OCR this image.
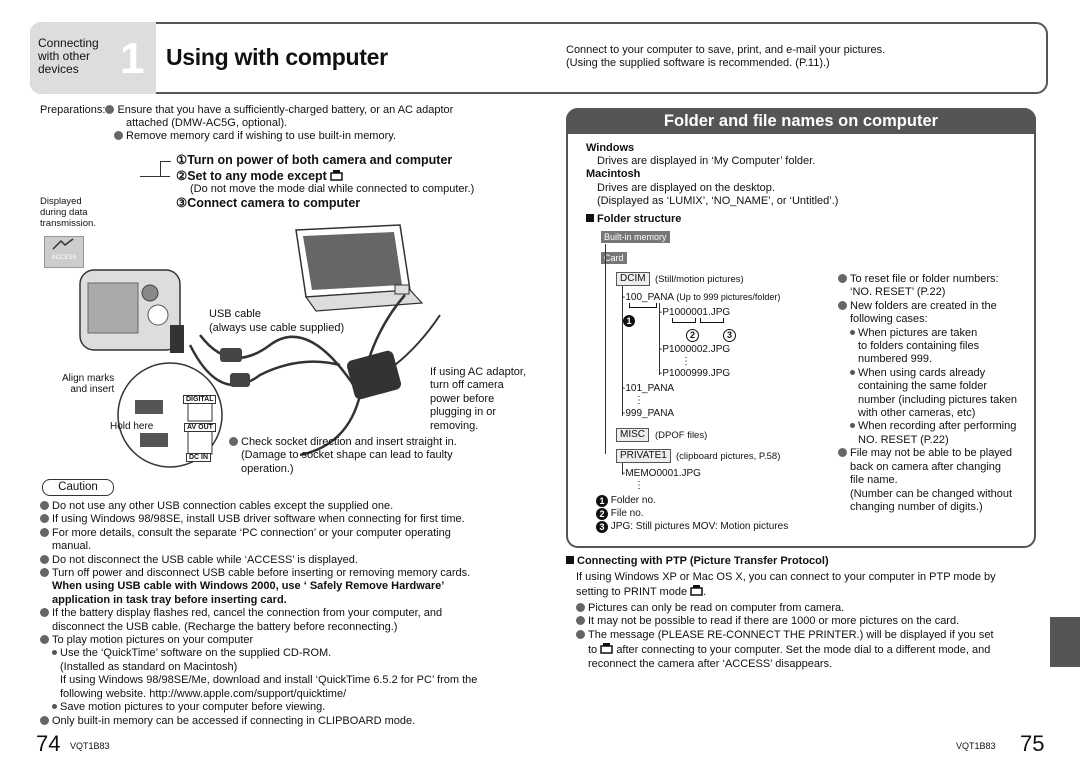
Connecting
with other
devices 1 Using with computer	Connect to your computer to save, print, and e-mail your pictures.
(Using the supplied software is recommended. (P.11).)
Preparations: Ensure that you have a sufficiently-charged battery, or an AC adaptor
attached (DMW-AC5G, optional).
Remove memory card if wishing to use built-in memory.
①Turn on power of both camera and computer
②Set to any mode except
(Do not move the mode dial while connected to computer.)
③Connect camera to computer
Displayed
during data
transmission.
ACCESS
DIGITAL
AV OUT
DC IN
USB cable
(always use cable supplied)
If using AC adaptor,
turn off camera
power before
plugging in or
removing.
Align marks
and insert
Hold here
Check socket direction and insert straight in.
(Damage to socket shape can lead to faulty
operation.)
Caution
Do not use any other USB connection cables except the supplied one.
If using Windows 98/98SE, install USB driver software when connecting for first time.
For more details, consult the separate ‘PC connection’ or your computer operating
manual.
Do not disconnect the USB cable while ‘ACCESS’ is displayed.
Turn off power and disconnect USB cable before inserting or removing memory cards.
When using USB cable with Windows 2000, use ‘ Safely Remove Hardware’
application in task tray before inserting card.
If the battery display flashes red, cancel the connection from your computer, and
disconnect the USB cable. (Recharge the battery before reconnecting.)
To play motion pictures on your computer
Use the ‘QuickTime’ software on the supplied CD-ROM.
(Installed as standard on Macintosh)
If using Windows 98/98SE/Me, download and install ‘QuickTime 6.5.2 for PC’ from the
following website. http://www.apple.com/support/quicktime/
Save motion pictures to your computer before viewing.
Only built-in memory can be accessed if connecting in CLIPBOARD mode.
Folder and file names on computer
Windows
Drives are displayed in ‘My Computer’ folder.
Macintosh
Drives are displayed on the desktop.
(Displayed as ‘LUMIX’, ‘NO_NAME’, or ‘Untitled’.)
Folder structure
Built-in memory
Card
DCIM (Still/motion pictures)
-100_PANA (Up to 999 pictures/folder)
-P1000001.JPG
-P1000002.JPG
⋮
-P1000999.JPG
-101_PANA
⋮
-999_PANA
MISC	(DPOF files)
PRIVATE1 (clipboard pictures, P.58)
-MEMO0001.JPG
⋮
1
2	3
1 Folder no.
2 File no.
3 JPG: Still pictures MOV: Motion pictures
To reset file or folder numbers:
‘NO. RESET’ (P.22)
New folders are created in the
following cases:
When pictures are taken
to folders containing files
numbered 999.
When using cards already
containing the same folder
number (including pictures taken
with other cameras, etc)
When recording after performing
NO. RESET (P.22)
File may not be able to be played
back on camera after changing
file name.
(Number can be changed without
changing number of digits.)
Connecting with PTP (Picture Transfer Protocol)
If using Windows XP or Mac OS X, you can connect to your computer in PTP mode by
setting to PRINT mode .
Pictures can only be read on computer from camera.
It may not be possible to read if there are 1000 or more pictures on the card.
The message (PLEASE RE-CONNECT THE PRINTER.) will be displayed if you set
to after connecting to your computer. Set the mode dial to a different mode, and
reconnect the camera after ‘ACCESS’ disappears.
74 VQT1B83	VQT1B83 75
